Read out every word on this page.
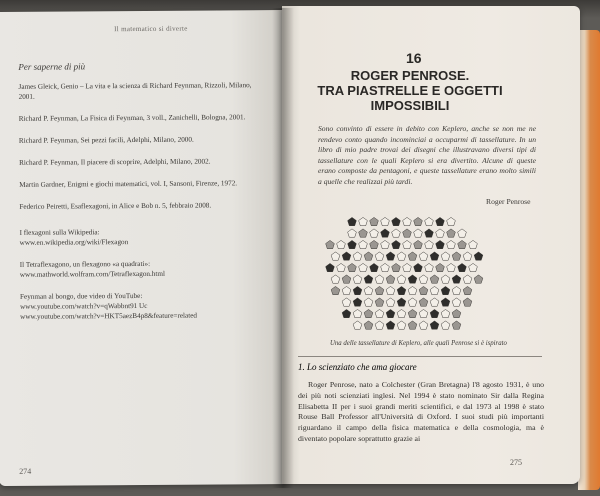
Il matematico si diverte
Per saperne di più

James Gleick, Genio – La vita e la scienza di Richard Feynman, Rizzoli, Milano, 2001.

Richard P. Feynman, La Fisica di Feynman, 3 voll., Zanichelli, Bologna, 2001.

Richard P. Feynman, Sei pezzi facili, Adelphi, Milano, 2000.

Richard P. Feynman, Il piacere di scoprire, Adelphi, Milano, 2002.

Martin Gardner, Enigmi e giochi matematici, vol. I, Sansoni, Firenze, 1972.

Federico Peiretti, Esaflexagoni, in Alice e Bob n. 5, febbraio 2008.

I flexagoni sulla Wikipedia:

www.en.wikipedia.org/wiki/Flexagon

Il Tetraflexagono, un flexagono «a quadrati»:

www.mathworld.wolfram.com/Tetraflexagon.html

Feynman al bongo, due video di YouTube:
www.youtube.com/watch?v=qWabbnt91 Uc
www.youtube.com/watch?v=HKT5aezB4p8&feature=related
274
16
ROGER PENROSE.
TRA PIASTRELLE E OGGETTI
IMPOSSIBILI
Sono convinto di essere in debito con Keplero, anche se non me ne rendevo conto quando incominciai a occuparmi di tassellature. In un libro di mio padre trovai dei disegni che illustravano diversi tipi di tassellature con le quali Keplero si era divertito. Alcune di queste erano composte da pentagoni, e queste tassellature erano molto simili a quelle che realizzai più tardi.
Roger Penrose
Una delle tassellature di Keplero, alle quali Penrose si è ispirato
1. Lo scienziato che ama giocare
Roger Penrose, nato a Colchester (Gran Bretagna) l'8 agosto 1931, è uno dei più noti scienziati inglesi. Nel 1994 è stato nominato Sir dalla Regina Elisabetta II per i suoi grandi meriti scientifici, e dal 1973 al 1998 è stato Rouse Ball Professor all'Università di Oxford. I suoi studi più importanti riguardano il campo della fisica matematica e della cosmologia, ma è diventato popolare soprattutto grazie ai
275
